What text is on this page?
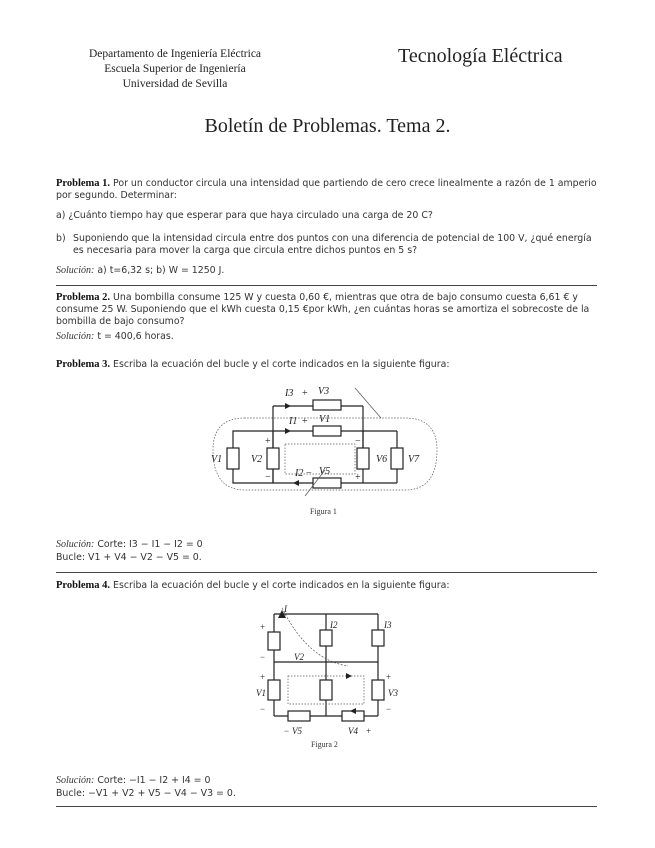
Departamento de Ingeniería Eléctrica
Escuela Superior de Ingeniería
Universidad de Sevilla
Tecnología Eléctrica
Boletín de Problemas. Tema 2.
Problema 1. Por un conductor circula una intensidad que partiendo de cero crece linealmente a razón de 1 amperio por segundo. Determinar:
a) ¿Cuánto tiempo hay que esperar para que haya circulado una carga de 20 C?
b) Suponiendo que la intensidad circula entre dos puntos con una diferencia de potencial de 100 V, ¿qué energía es necesaria para mover la carga que circula entre dichos puntos en 5 s?
Solución: a) t=6,32 s; b) W = 1250 J.
Problema 2. Una bombilla consume 125 W y cuesta 0,60 €, mientras que otra de bajo consumo cuesta 6,61 € y consume 25 W. Suponiendo que el kWh cuesta 0,15 €por kWh, ¿en cuántas horas se amortiza el sobrecoste de la bombilla de bajo consumo?
Solución: t = 400,6 horas.
Problema 3. Escriba la ecuación del bucle y el corte indicados en la siguiente figura:
I3 + V3
I1 + V1
I2 − V5
V1	V2
+
−
V6 V7
−
+
Figura 1
Solución: Corte: I3 − I1 − I2 = 0
Bucle: V1 + V4 − V2 − V5 = 0.
Problema 4. Escriba la ecuación del bucle y el corte indicados en la siguiente figura:
I
I2	I3
V2
V1	V3
V5	V4
+
−
+
−
+
−
−	+
Figura 2
Solución: Corte: −I1 − I2 + I4 = 0
Bucle: −V1 + V2 + V5 − V4 − V3 = 0.
